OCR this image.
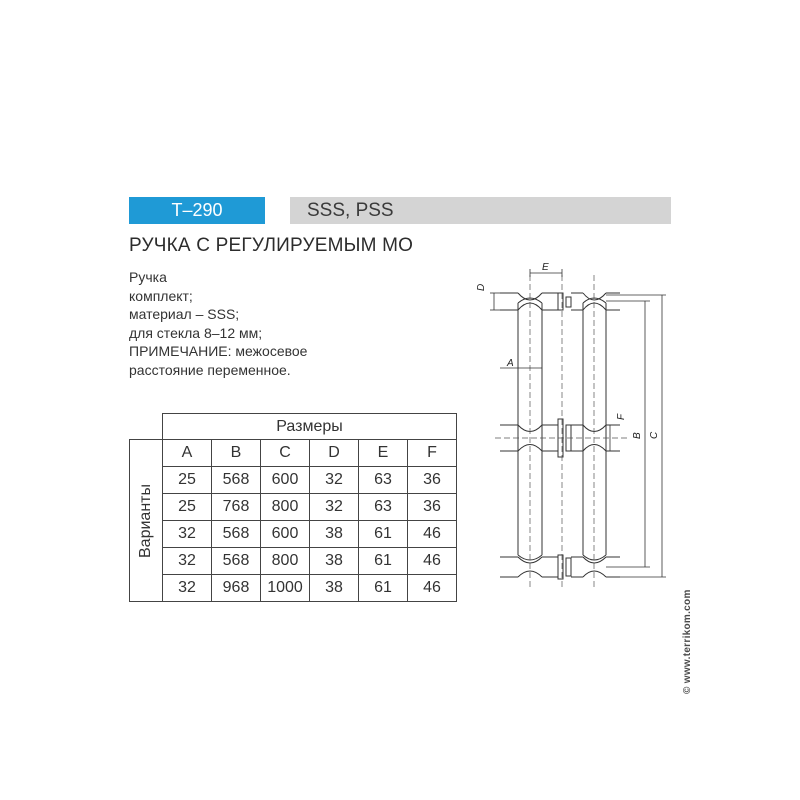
T–290	SSS, PSS
РУЧКА С РЕГУЛИРУЕМЫМ МО
Ручка
комплект;
материал – SSS;
для стекла 8–12 мм;
ПРИМЕЧАНИЕ: межосевое
расстояние переменное.
	Размеры					

Варианты	A	B	C	D	E	F
	25	568	600	32	63	36
	25	768	800	32	63	36
	32	568	600	38	61	46
	32	568	800	38	61	46
	32	968	1000	38	61	46
D
E
A
F
B C
© www.terrikom.com
